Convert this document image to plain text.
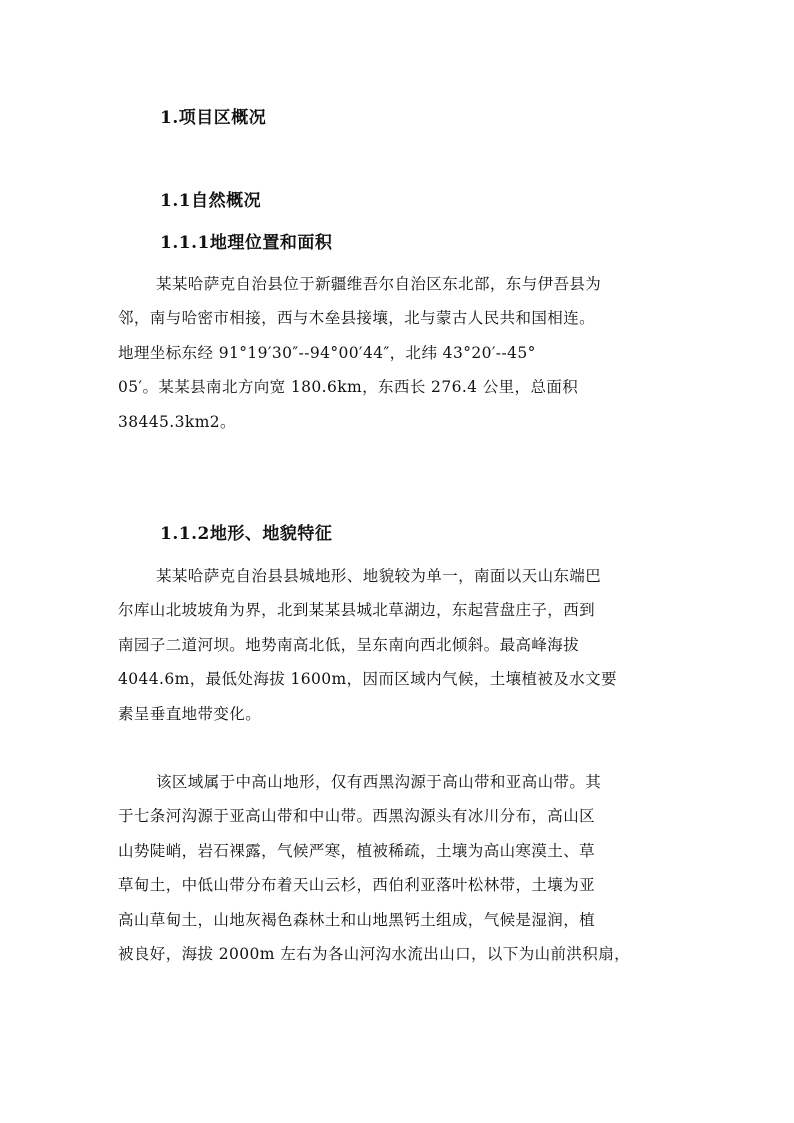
1.项目区概况
1.1自然概况
1.1.1地理位置和面积
某某哈萨克自治县位于新疆维吾尔自治区东北部，东与伊吾县为
邻，南与哈密市相接，西与木垒县接壤，北与蒙古人民共和国相连。
地理坐标东经 91°19′30″--94°00′44″，北纬 43°20′--45°
05′。某某县南北方向宽 180.6km，东西长 276.4 公里，总面积
38445.3km2。
1.1.2地形、地貌特征
某某哈萨克自治县县城地形、地貌较为单一，南面以天山东端巴
尔库山北坡坡角为界，北到某某县城北草湖边，东起营盘庄子，西到
南园子二道河坝。地势南高北低，呈东南向西北倾斜。最高峰海拔
4044.6m，最低处海拔 1600m，因而区域内气候，土壤植被及水文要
素呈垂直地带变化。
该区域属于中高山地形，仅有西黑沟源于高山带和亚高山带。其
于七条河沟源于亚高山带和中山带。西黑沟源头有冰川分布，高山区
山势陡峭，岩石裸露，气候严寒，植被稀疏，土壤为高山寒漠土、草
草甸土，中低山带分布着天山云杉，西伯利亚落叶松林带，土壤为亚
高山草甸土，山地灰褐色森林土和山地黑钙土组成，气候是湿润，植
被良好，海拔 2000m 左右为各山河沟水流出山口，以下为山前洪积扇，
